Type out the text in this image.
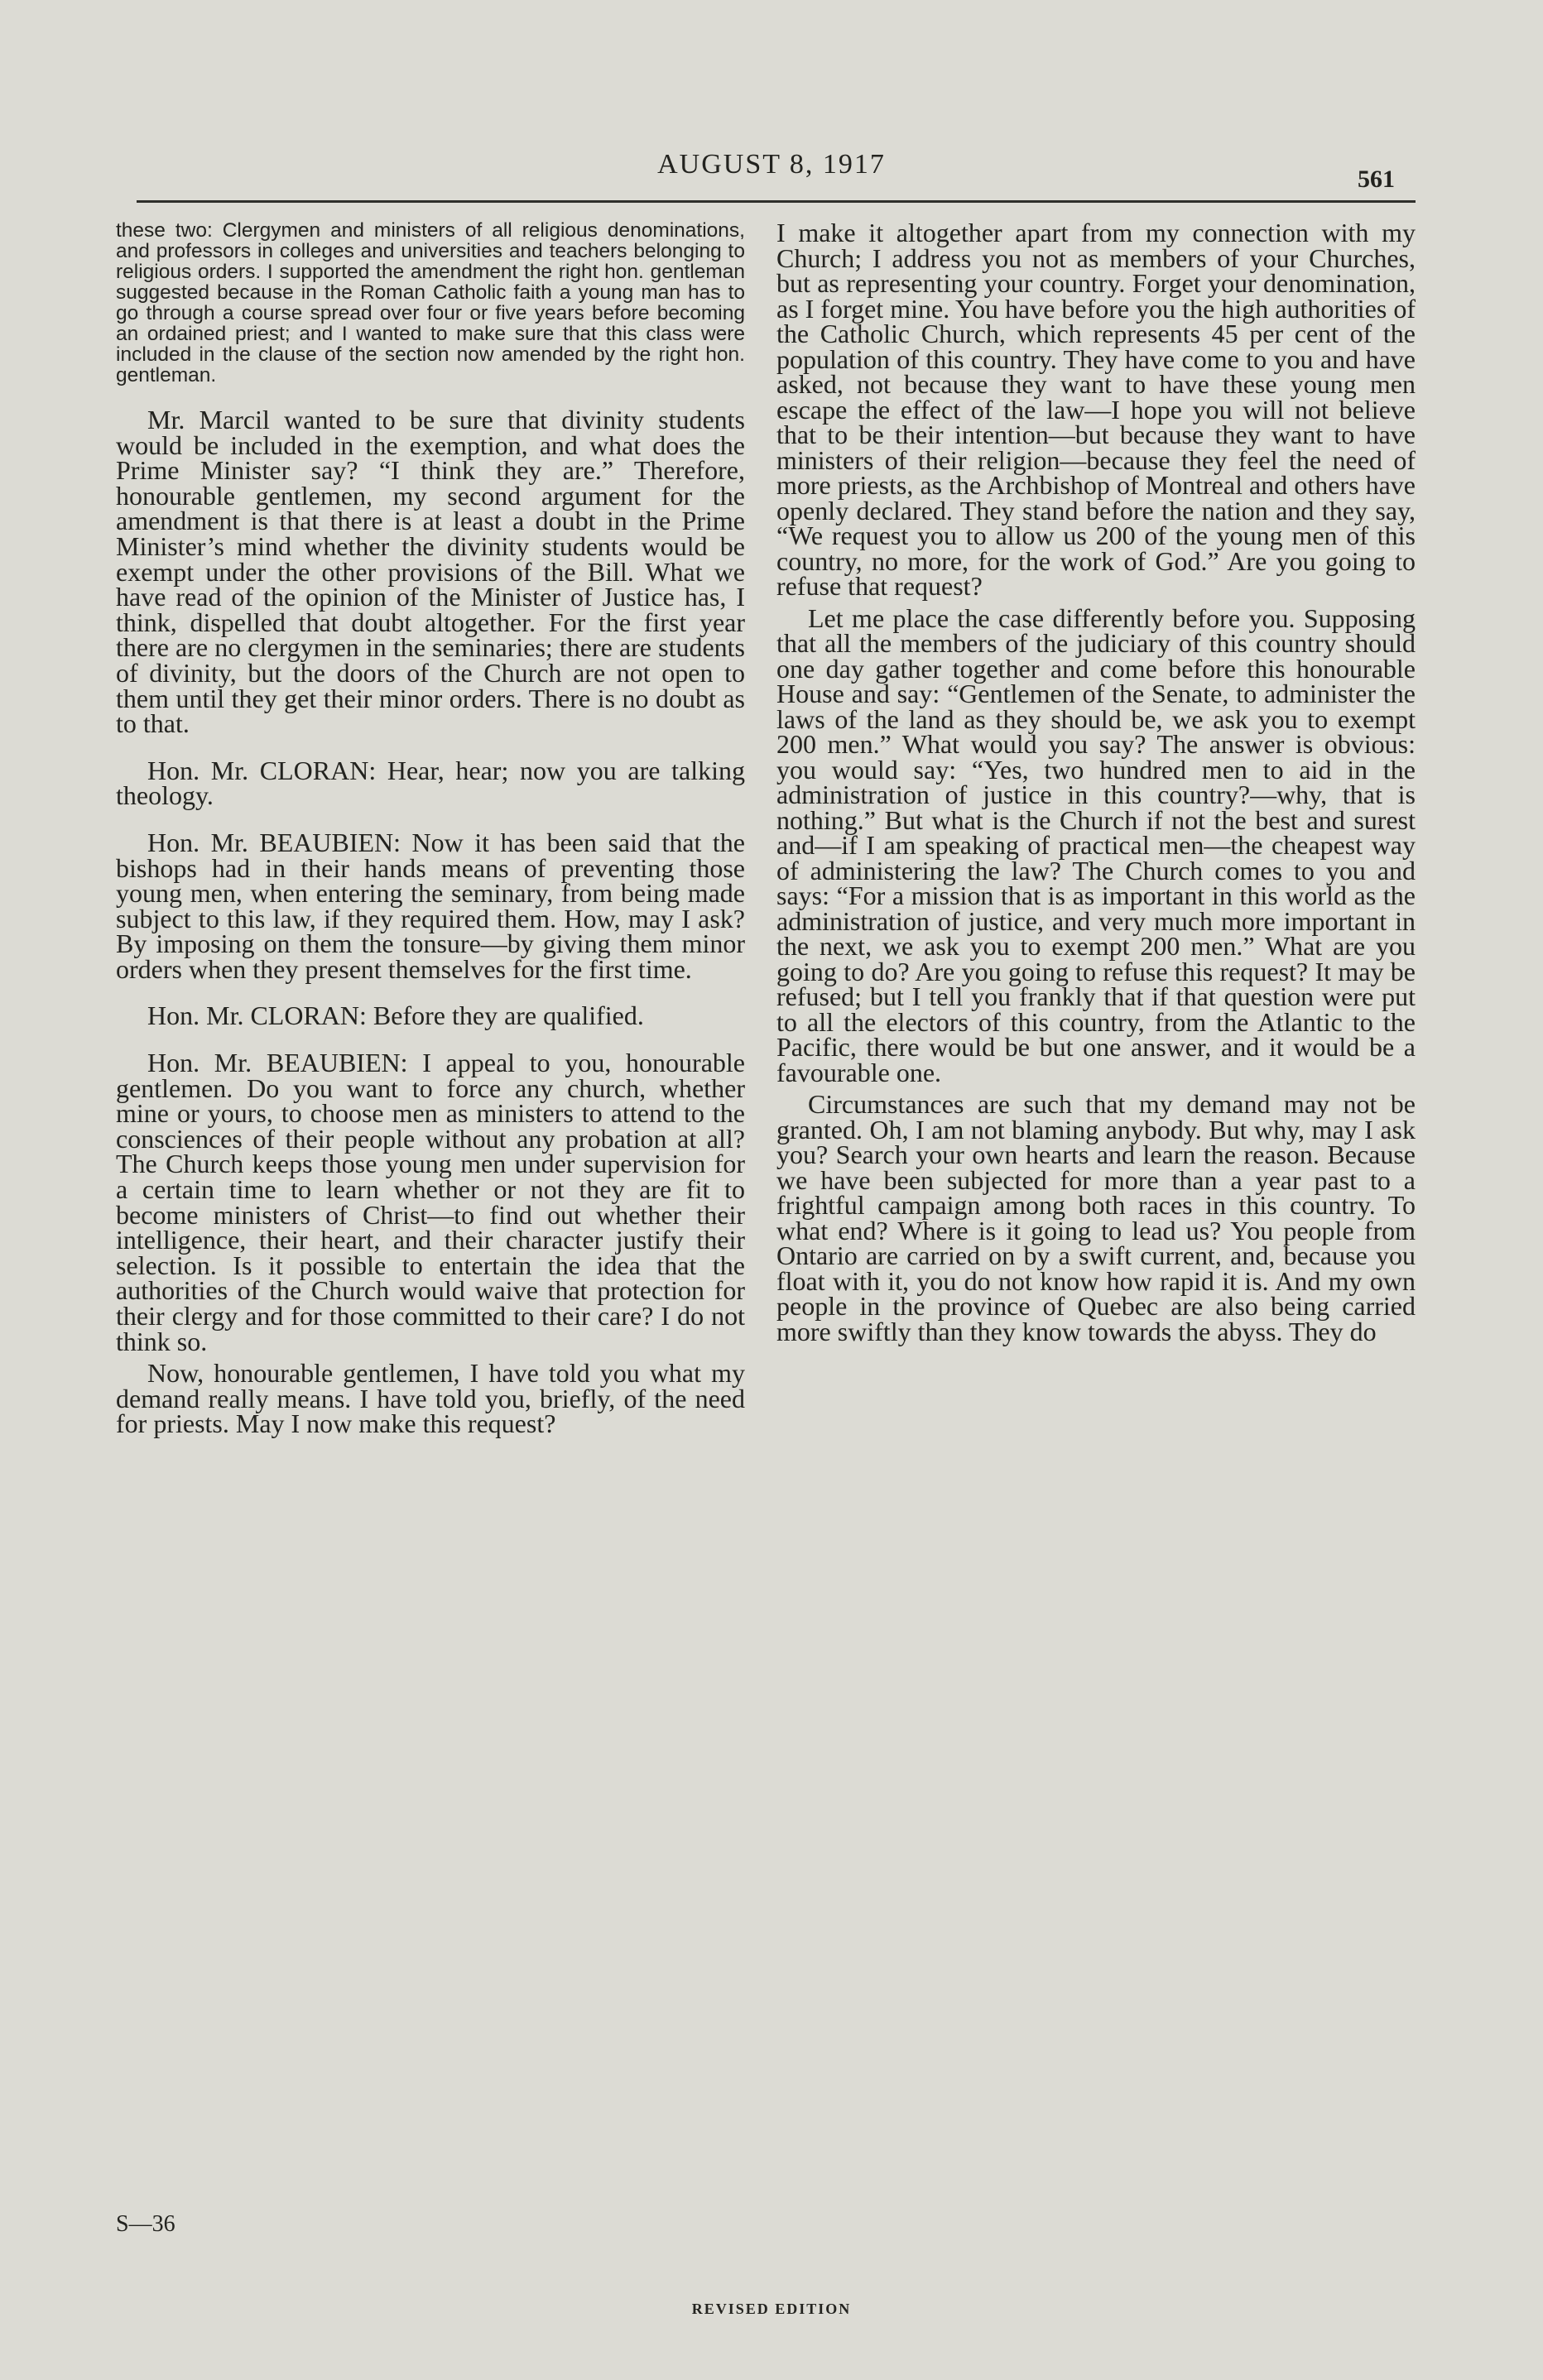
AUGUST 8, 1917	561

these two: Clergymen and ministers of all religious denominations, and professors in colleges and universities and teachers belonging to religious orders. I supported the amendment the right hon. gentleman suggested because in the Roman Catholic faith a young man has to go through a course spread over four or five years before becoming an ordained priest; and I wanted to make sure that this class were included in the clause of the section now amended by the right hon. gentleman.

Mr. Marcil wanted to be sure that divinity students would be included in the exemption, and what does the Prime Minister say? “I think they are.” Therefore, honourable gentlemen, my second argument for the amendment is that there is at least a doubt in the Prime Minister’s mind whether the divinity students would be exempt under the other provisions of the Bill. What we have read of the opinion of the Minister of Justice has, I think, dispelled that doubt altogether. For the first year there are no clergymen in the seminaries; there are students of divinity, but the doors of the Church are not open to them until they get their minor orders. There is no doubt as to that.

Hon. Mr. CLORAN: Hear, hear; now you are talking theology.

Hon. Mr. BEAUBIEN: Now it has been said that the bishops had in their hands means of preventing those young men, when entering the seminary, from being made subject to this law, if they required them. How, may I ask? By imposing on them the tonsure—by giving them minor orders when they present themselves for the first time.

Hon. Mr. CLORAN: Before they are qualified.

Hon. Mr. BEAUBIEN: I appeal to you, honourable gentlemen. Do you want to force any church, whether mine or yours, to choose men as ministers to attend to the consciences of their people without any probation at all? The Church keeps those young men under supervision for a certain time to learn whether or not they are fit to become ministers of Christ—to find out whether their intelligence, their heart, and their character justify their selection. Is it possible to entertain the idea that the authorities of the Church would waive that protection for their clergy and for those committed to their care? I do not think so.

Now, honourable gentlemen, I have told you what my demand really means. I have told you, briefly, of the need for priests. May I now make this request?

I make it altogether apart from my connection with my Church; I address you not as members of your Churches, but as representing your country. Forget your denomination, as I forget mine. You have before you the high authorities of the Catholic Church, which represents 45 per cent of the population of this country. They have come to you and have asked, not because they want to have these young men escape the effect of the law—I hope you will not believe that to be their intention—but because they want to have ministers of their religion—because they feel the need of more priests, as the Archbishop of Montreal and others have openly declared. They stand before the nation and they say, “We request you to allow us 200 of the young men of this country, no more, for the work of God.” Are you going to refuse that request?

Let me place the case differently before you. Supposing that all the members of the judiciary of this country should one day gather together and come before this honourable House and say: “Gentlemen of the Senate, to administer the laws of the land as they should be, we ask you to exempt 200 men.” What would you say? The answer is obvious: you would say: “Yes, two hundred men to aid in the administration of justice in this country?—why, that is nothing.” But what is the Church if not the best and surest and—if I am speaking of practical men—the cheapest way of administering the law? The Church comes to you and says: “For a mission that is as important in this world as the administration of justice, and very much more important in the next, we ask you to exempt 200 men.” What are you going to do? Are you going to refuse this request? It may be refused; but I tell you frankly that if that question were put to all the electors of this country, from the Atlantic to the Pacific, there would be but one answer, and it would be a favourable one.

Circumstances are such that my demand may not be granted. Oh, I am not blaming anybody. But why, may I ask you? Search your own hearts and learn the reason. Because we have been subjected for more than a year past to a frightful campaign among both races in this country. To what end? Where is it going to lead us? You people from Ontario are carried on by a swift current, and, because you float with it, you do not know how rapid it is. And my own people in the province of Quebec are also being carried more swiftly than they know towards the abyss. They do

S—36
REVISED EDITION
